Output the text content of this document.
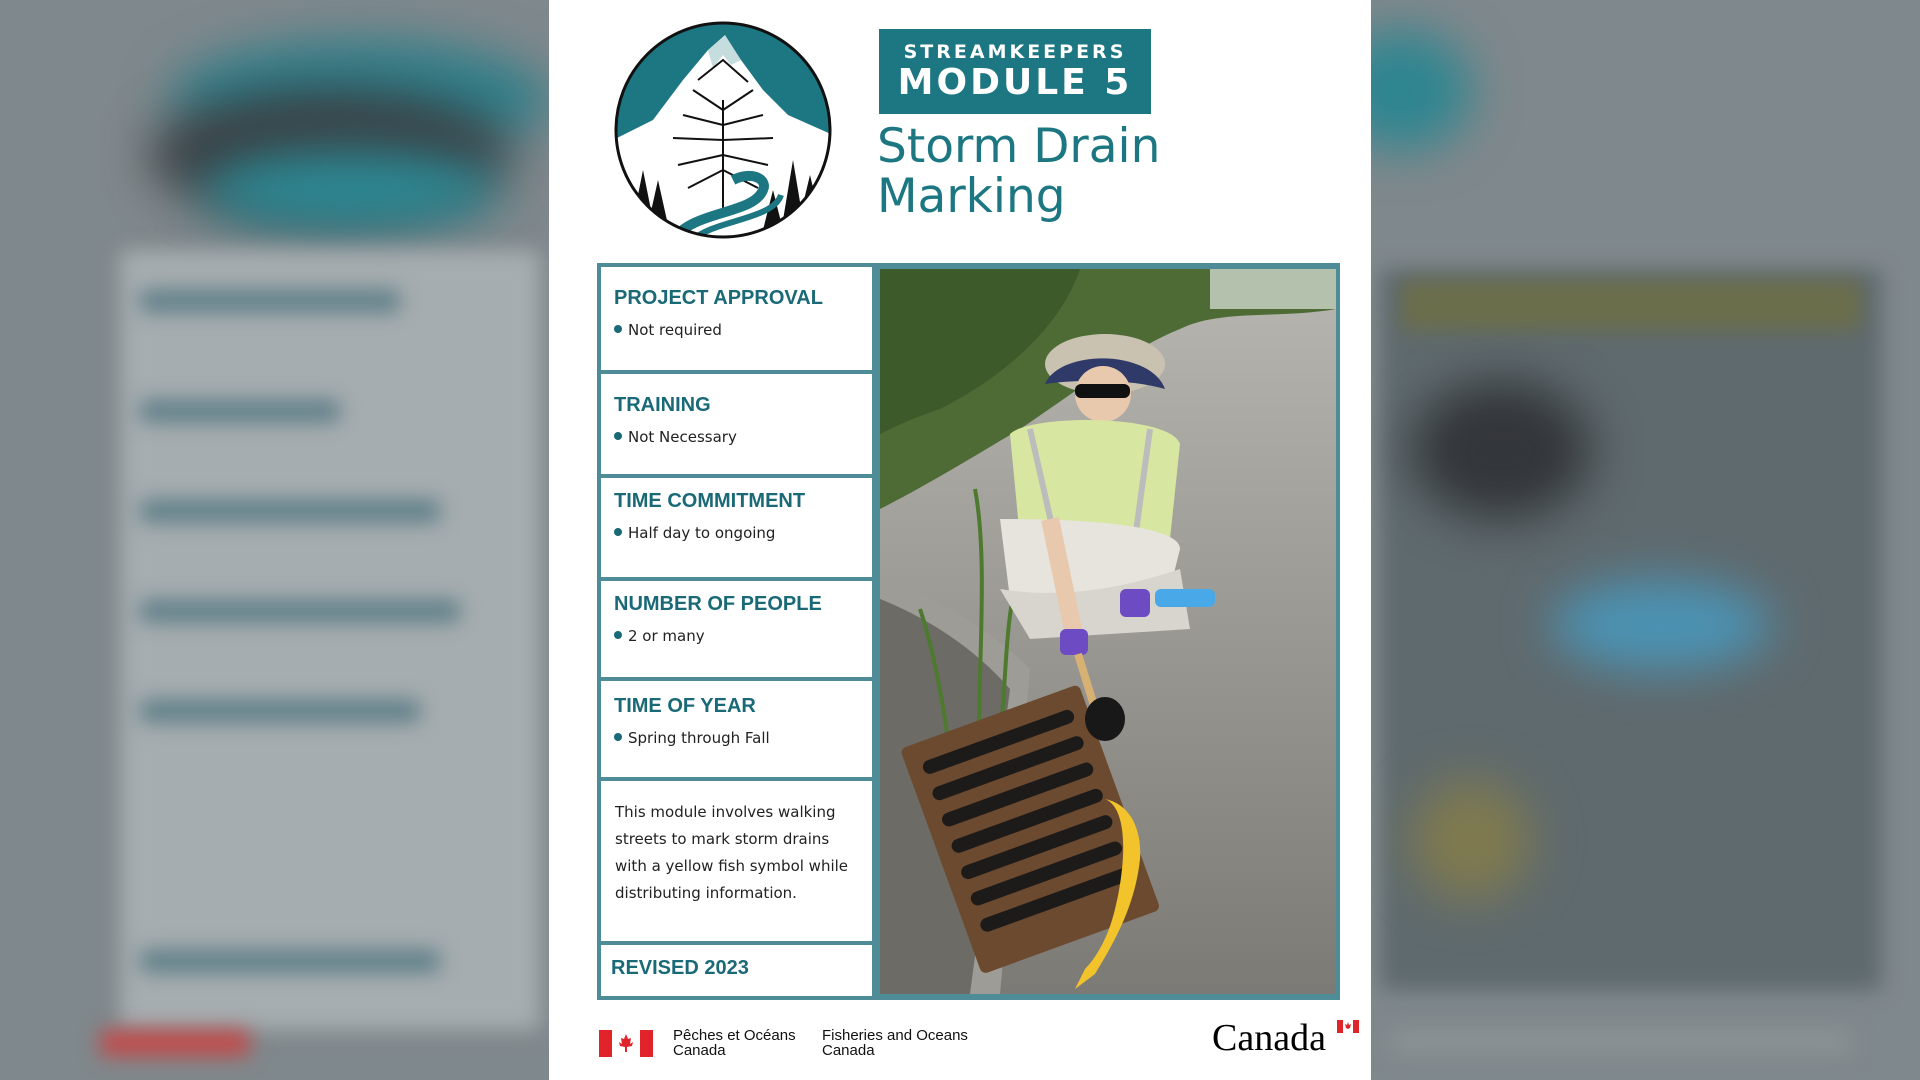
STREAMKEEPERS
MODULE 5
Storm Drain
Marking
PROJECT APPROVAL
Not required
TRAINING
Not Necessary
TIME COMMITMENT
Half day to ongoing
NUMBER OF PEOPLE
2 or many
TIME OF YEAR
Spring through Fall
This module involves walking streets to mark storm drains with a yellow fish symbol while distributing information.
REVISED 2023
Pêches et Océans
Canada
Fisheries and Oceans
Canada	Canada
